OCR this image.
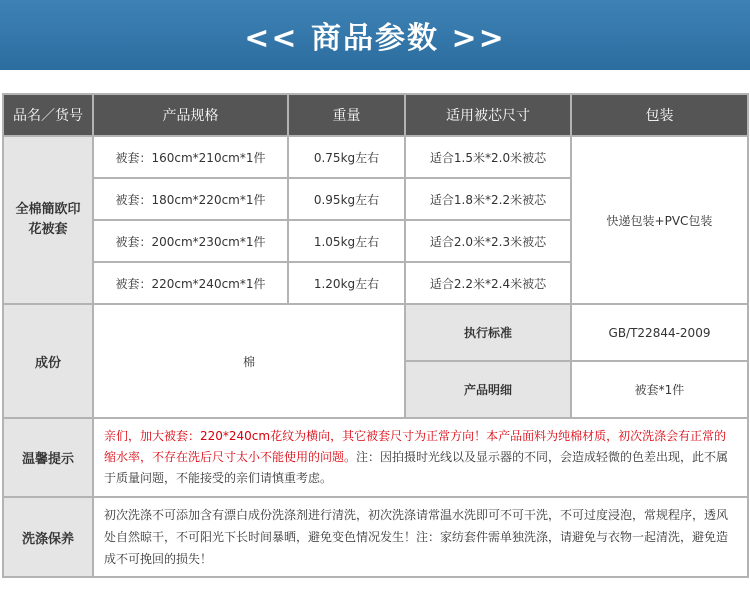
<< 商品参数 >>
品名／货号	产品规格	重量	适用被芯尺寸	包装
全棉簡欧印花被套	被套：160cm*210cm*1件	0.75kg左右	适合1.5米*2.0米被芯	快递包装+PVC包装
	被套：180cm*220cm*1件	0.95kg左右	适合1.8米*2.2米被芯	
	被套：200cm*230cm*1件	1.05kg左右	适合2.0米*2.3米被芯	
	被套：220cm*240cm*1件	1.20kg左右	适合2.2米*2.4米被芯	
成份	棉		执行标准	GB/T22844-2009
			产品明细	被套*1件
温馨提示	亲们，加大被套：220*240cm花纹为横向，其它被套尺寸为正常方向！本产品面料为纯棉材质，初次洗涤会有正常的缩水率，不存在洗后尺寸太小不能使用的问题。注：因拍摄时光线以及显示器的不同，会造成轻微的色差出现，此不属于质量问题，不能接受的亲们请慎重考虑。			
洗涤保养	初次洗涤不可添加含有漂白成份洗涤剂进行清洗，初次洗涤请常温水洗即可不可干洗，不可过度浸泡，常规程序，透风处自然晾干，不可阳光下长时间暴晒，避免变色情况发生！注：家纺套件需单独洗涤，请避免与衣物一起清洗，避免造成不可挽回的损失！			
